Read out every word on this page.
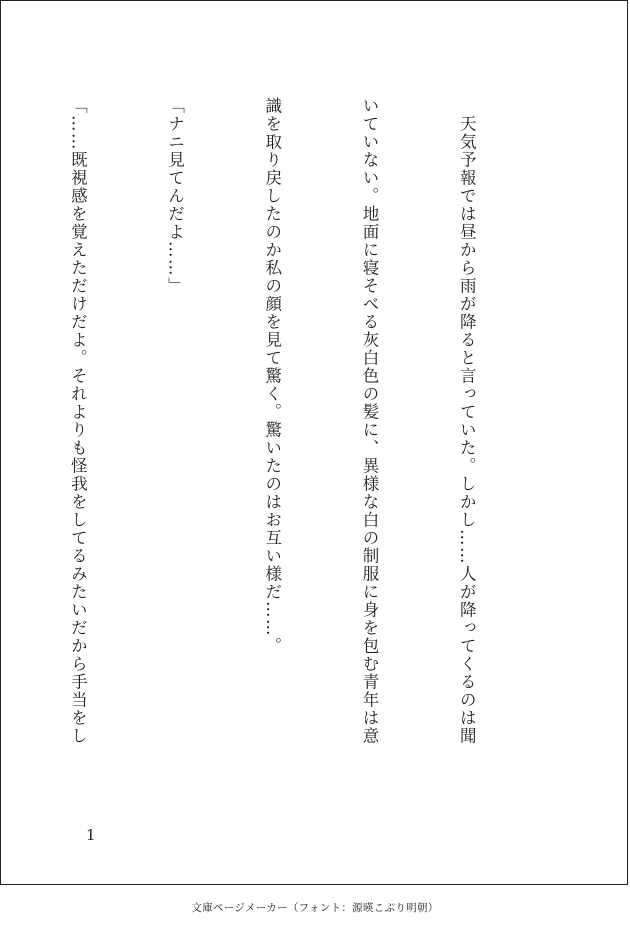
　天気予報では昼から雨が降ると言っていた。しかし……人が降ってくるのは聞

いていない。地面に寝そべる灰白色の髪に、異様な白の制服に身を包む青年は意

識を取り戻したのか私の顔を見て驚く。驚いたのはお互い様だ……。

「ナニ見てんだよ……」

「……既視感を覚えただけだよ。それよりも怪我をしてるみたいだから手当をし

1
文庫ページメーカー（フォント：源暎こぶり明朝）
